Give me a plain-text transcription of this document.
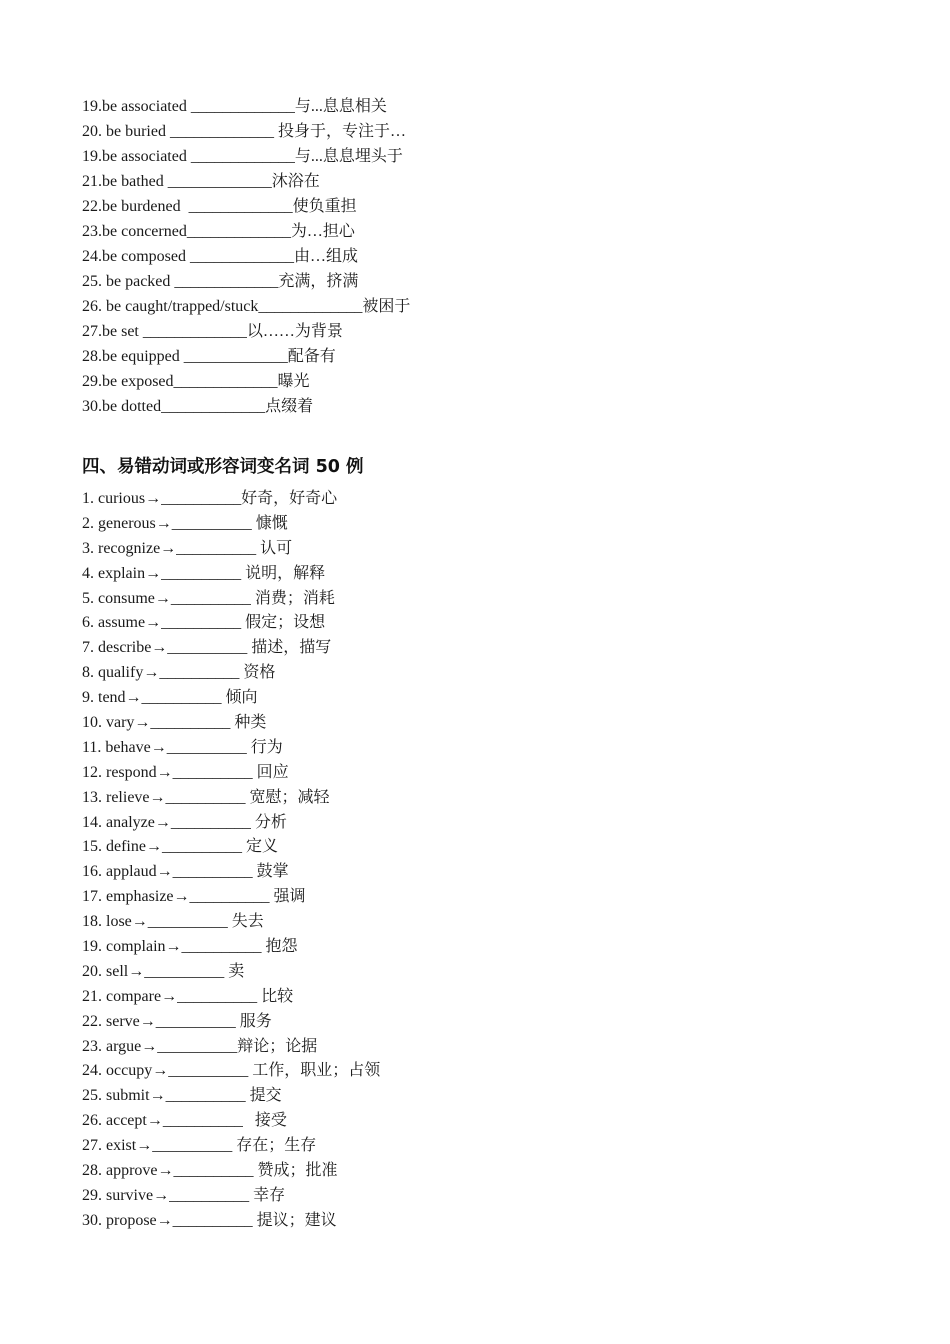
19.be associated _____________与...息息相关
20. be buried _____________ 投身于，专注于…
19.be associated _____________与...息息埋头于
21.be bathed _____________沐浴在
22.be burdened  _____________使负重担
23.be concerned_____________为…担心
24.be composed _____________由…组成
25. be packed _____________充满，挤满
26. be caught/trapped/stuck_____________被困于
27.be set _____________以……为背景
28.be equipped _____________配备有
29.be exposed_____________曝光
30.be dotted_____________点缀着
四、易错动词或形容词变名词 50 例
1. curious→__________好奇，好奇心
2. generous→__________ 慷慨
3. recognize→__________ 认可
4. explain→__________ 说明，解释
5. consume→__________ 消费；消耗
6. assume→__________ 假定；设想
7. describe→__________ 描述，描写
8. qualify→__________ 资格
9. tend→__________ 倾向
10. vary→__________ 种类
11. behave→__________ 行为
12. respond→__________ 回应
13. relieve→__________ 宽慰；减轻
14. analyze→__________ 分析
15. define→__________ 定义
16. applaud→__________ 鼓掌
17. emphasize→__________ 强调
18. lose→__________ 失去
19. complain→__________ 抱怨
20. sell→__________ 卖
21. compare→__________ 比较
22. serve→__________ 服务
23. argue→__________辩论；论据
24. occupy→__________ 工作，职业；占领
25. submit→__________ 提交
26. accept→__________   接受
27. exist→__________ 存在；生存
28. approve→__________ 赞成；批准
29. survive→__________ 幸存
30. propose→__________ 提议；建议
